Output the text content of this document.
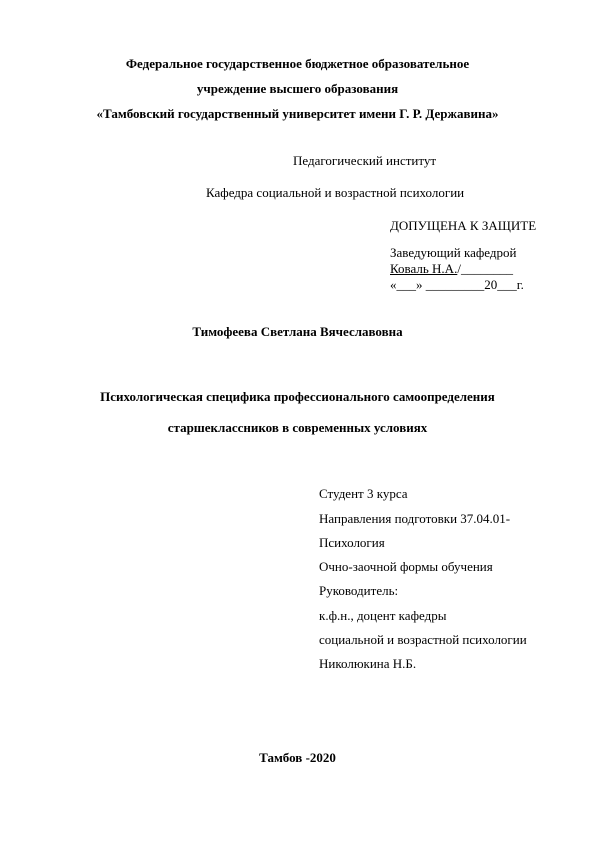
Федеральное государственное бюджетное образовательное
учреждение высшего образования
«Тамбовский государственный университет имени Г. Р. Державина»
Педагогический институт
Кафедра социальной и возрастной психологии
ДОПУЩЕНА К ЗАЩИТЕ
Заведующий кафедрой
Коваль Н.А./________
«___» _________20___г.
Тимофеева Светлана Вячеславовна
Психологическая специфика профессионального самоопределения
старшеклассников в современных условиях
Студент 3 курса
Направления подготовки 37.04.01-
Психология
Очно-заочной формы обучения
Руководитель:
к.ф.н., доцент кафедры
социальной и возрастной психологии
Николюкина Н.Б.
Тамбов -2020
